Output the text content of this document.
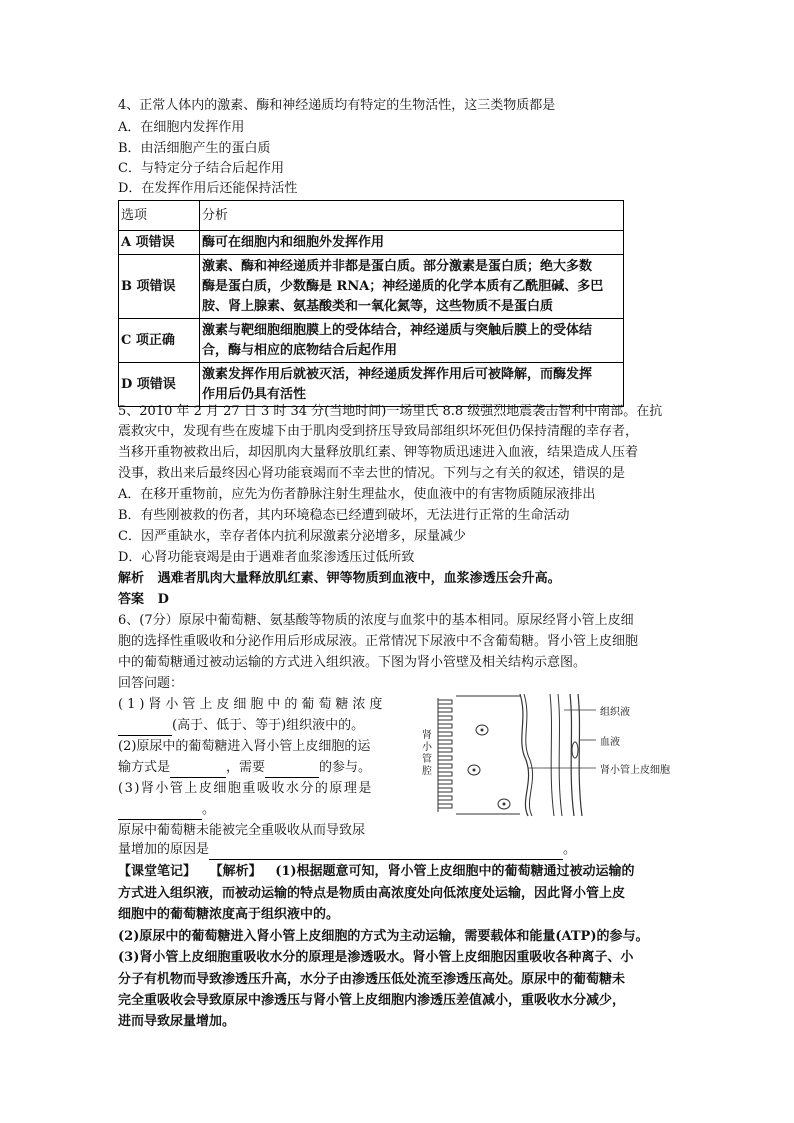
4、正常人体内的激素、酶和神经递质均有特定的生物活性，这三类物质都是
A．在细胞内发挥作用
B．由活细胞产生的蛋白质
C．与特定分子结合后起作用
D．在发挥作用后还能保持活性
选项	分析
A 项错误	酶可在细胞内和细胞外发挥作用
B 项错误	激素、酶和神经递质并非都是蛋白质。部分激素是蛋白质；绝大多数
酶是蛋白质，少数酶是 RNA；神经递质的化学本质有乙酰胆碱、多巴
胺、肾上腺素、氨基酸类和一氧化氮等，这些物质不是蛋白质

C 项正确	激素与靶细胞细胞膜上的受体结合，神经递质与突触后膜上的受体结
合，酶与相应的底物结合后起作用

D 项错误	激素发挥作用后就被灭活，神经递质发挥作用后可被降解，而酶发挥
作用后仍具有活性
5、2010 年 2 月 27 日 3 时 34 分(当地时间)一场里氏 8.8 级强烈地震袭击智利中南部。在抗
震救灾中，发现有些在废墟下由于肌肉受到挤压导致局部组织坏死但仍保持清醒的幸存者，
当移开重物被救出后，却因肌肉大量释放肌红素、钾等物质迅速进入血液，结果造成人压着
没事，救出来后最终因心肾功能衰竭而不幸去世的情况。下列与之有关的叙述，错误的是
A．在移开重物前，应先为伤者静脉注射生理盐水，使血液中的有害物质随尿液排出
B．有些刚被救的伤者，其内环境稳态已经遭到破坏，无法进行正常的生命活动
C．因严重缺水，幸存者体内抗利尿激素分泌增多，尿量减少
D．心肾功能衰竭是由于遇难者血浆渗透压过低所致
解析 遇难者肌肉大量释放肌红素、钾等物质到血液中，血浆渗透压会升高。
答案 D
6、(7分）原尿中葡萄糖、氨基酸等物质的浓度与血浆中的基本相同。原尿经肾小管上皮细
胞的选择性重吸收和分泌作用后形成尿液。正常情况下尿液中不含葡萄糖。肾小管上皮细胞
中的葡萄糖通过被动运输的方式进入组织液。下图为肾小管壁及相关结构示意图。
回答问题：
(1)肾小管上皮细胞中的葡萄糖浓度
(高于、低于、等于)组织液中的。
(2)原尿中的葡萄糖进入肾小管上皮细胞的运
输方式是	，需要	的参与。
(3)肾小管上皮细胞重吸收水分的原理是
。
原尿中葡萄糖未能被完全重吸收从而导致尿
量增加的原因是	。
组织液
血液
肾小管上皮细胞
肾小管腔
【课堂笔记】 【解析】 (1)根据题意可知，肾小管上皮细胞中的葡萄糖通过被动运输的
方式进入组织液，而被动运输的特点是物质由高浓度处向低浓度处运输，因此肾小管上皮
细胞中的葡萄糖浓度高于组织液中的。
(2)原尿中的葡萄糖进入肾小管上皮细胞的方式为主动运输，需要载体和能量(ATP)的参与。
(3)肾小管上皮细胞重吸收水分的原理是渗透吸水。肾小管上皮细胞因重吸收各种离子、小
分子有机物而导致渗透压升高，水分子由渗透压低处流至渗透压高处。原尿中的葡萄糖未
完全重吸收会导致原尿中渗透压与肾小管上皮细胞内渗透压差值减小，重吸收水分减少，
进而导致尿量增加。
